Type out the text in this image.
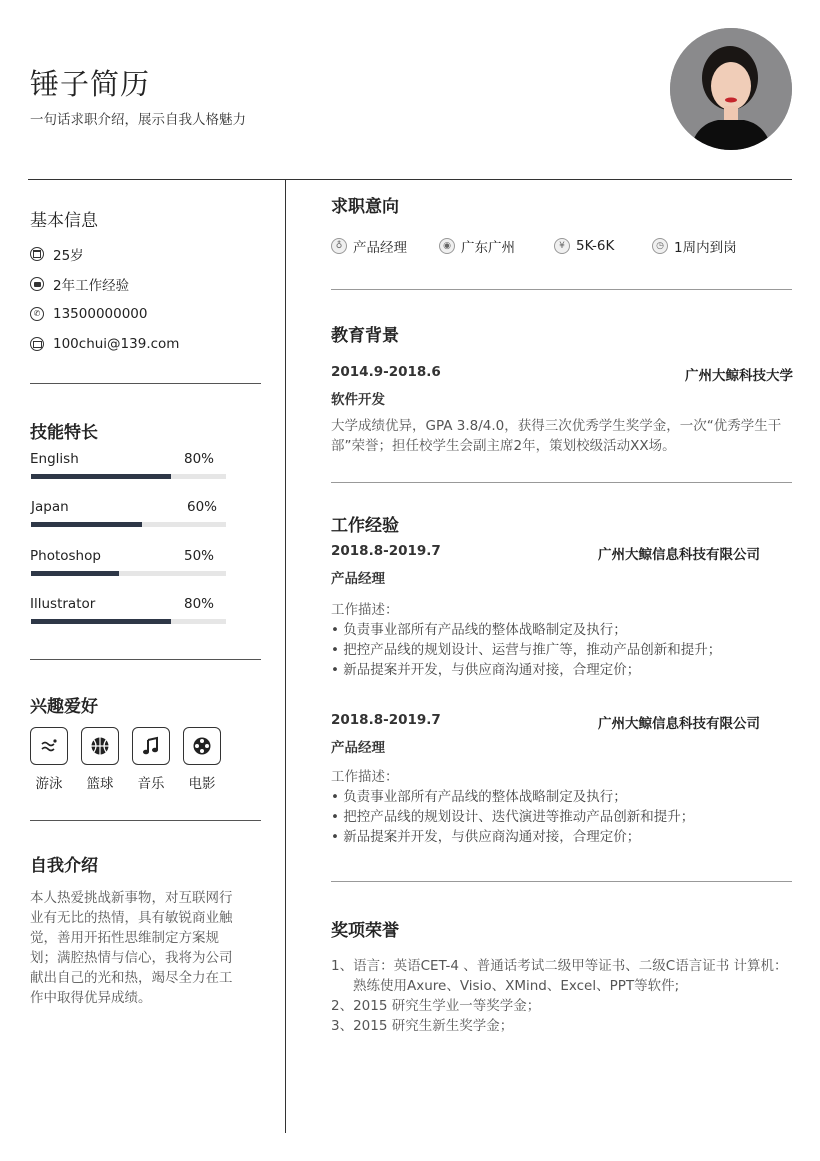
锤子简历
一句话求职介绍，展示自我人格魅力
基本信息
25岁
2年工作经验
✆ 13500000000
100chui@139.com
技能特长
English	80%
Japan	60%
Photoshop	50%
Illustrator	80%
兴趣爱好
游泳	篮球	音乐	电影
自我介绍
本人热爱挑战新事物，对互联网行业有无比的热情，具有敏锐商业触觉，善用开拓性思维制定方案规划；满腔热情与信心，我将为公司献出自己的光和热，竭尽全力在工作中取得优异成绩。
求职意向
♁ 产品经理	◉ 广东广州	¥ 5K-6K	◷ 1周内到岗
教育背景
2014.9-2018.6	广州大鲸科技大学
软件开发
大学成绩优异，GPA 3.8/4.0，获得三次优秀学生奖学金，一次“优秀学生干部”荣誉；担任校学生会副主席2年，策划校级活动XX场。
工作经验
2018.8-2019.7	广州大鲸信息科技有限公司
产品经理
工作描述：
• 负责事业部所有产品线的整体战略制定及执行；
• 把控产品线的规划设计、运营与推广等，推动产品创新和提升；
• 新品提案并开发，与供应商沟通对接，合理定价；
2018.8-2019.7	广州大鲸信息科技有限公司
产品经理
工作描述：
• 负责事业部所有产品线的整体战略制定及执行；
• 把控产品线的规划设计、迭代演进等推动产品创新和提升；
• 新品提案并开发，与供应商沟通对接，合理定价；
奖项荣誉
1、语言：英语CET-4 、普通话考试二级甲等证书、二级C语言证书 计算机：
熟练使用Axure、Visio、XMind、Excel、PPT等软件;
2、2015 研究生学业一等奖学金；
3、2015 研究生新生奖学金；
